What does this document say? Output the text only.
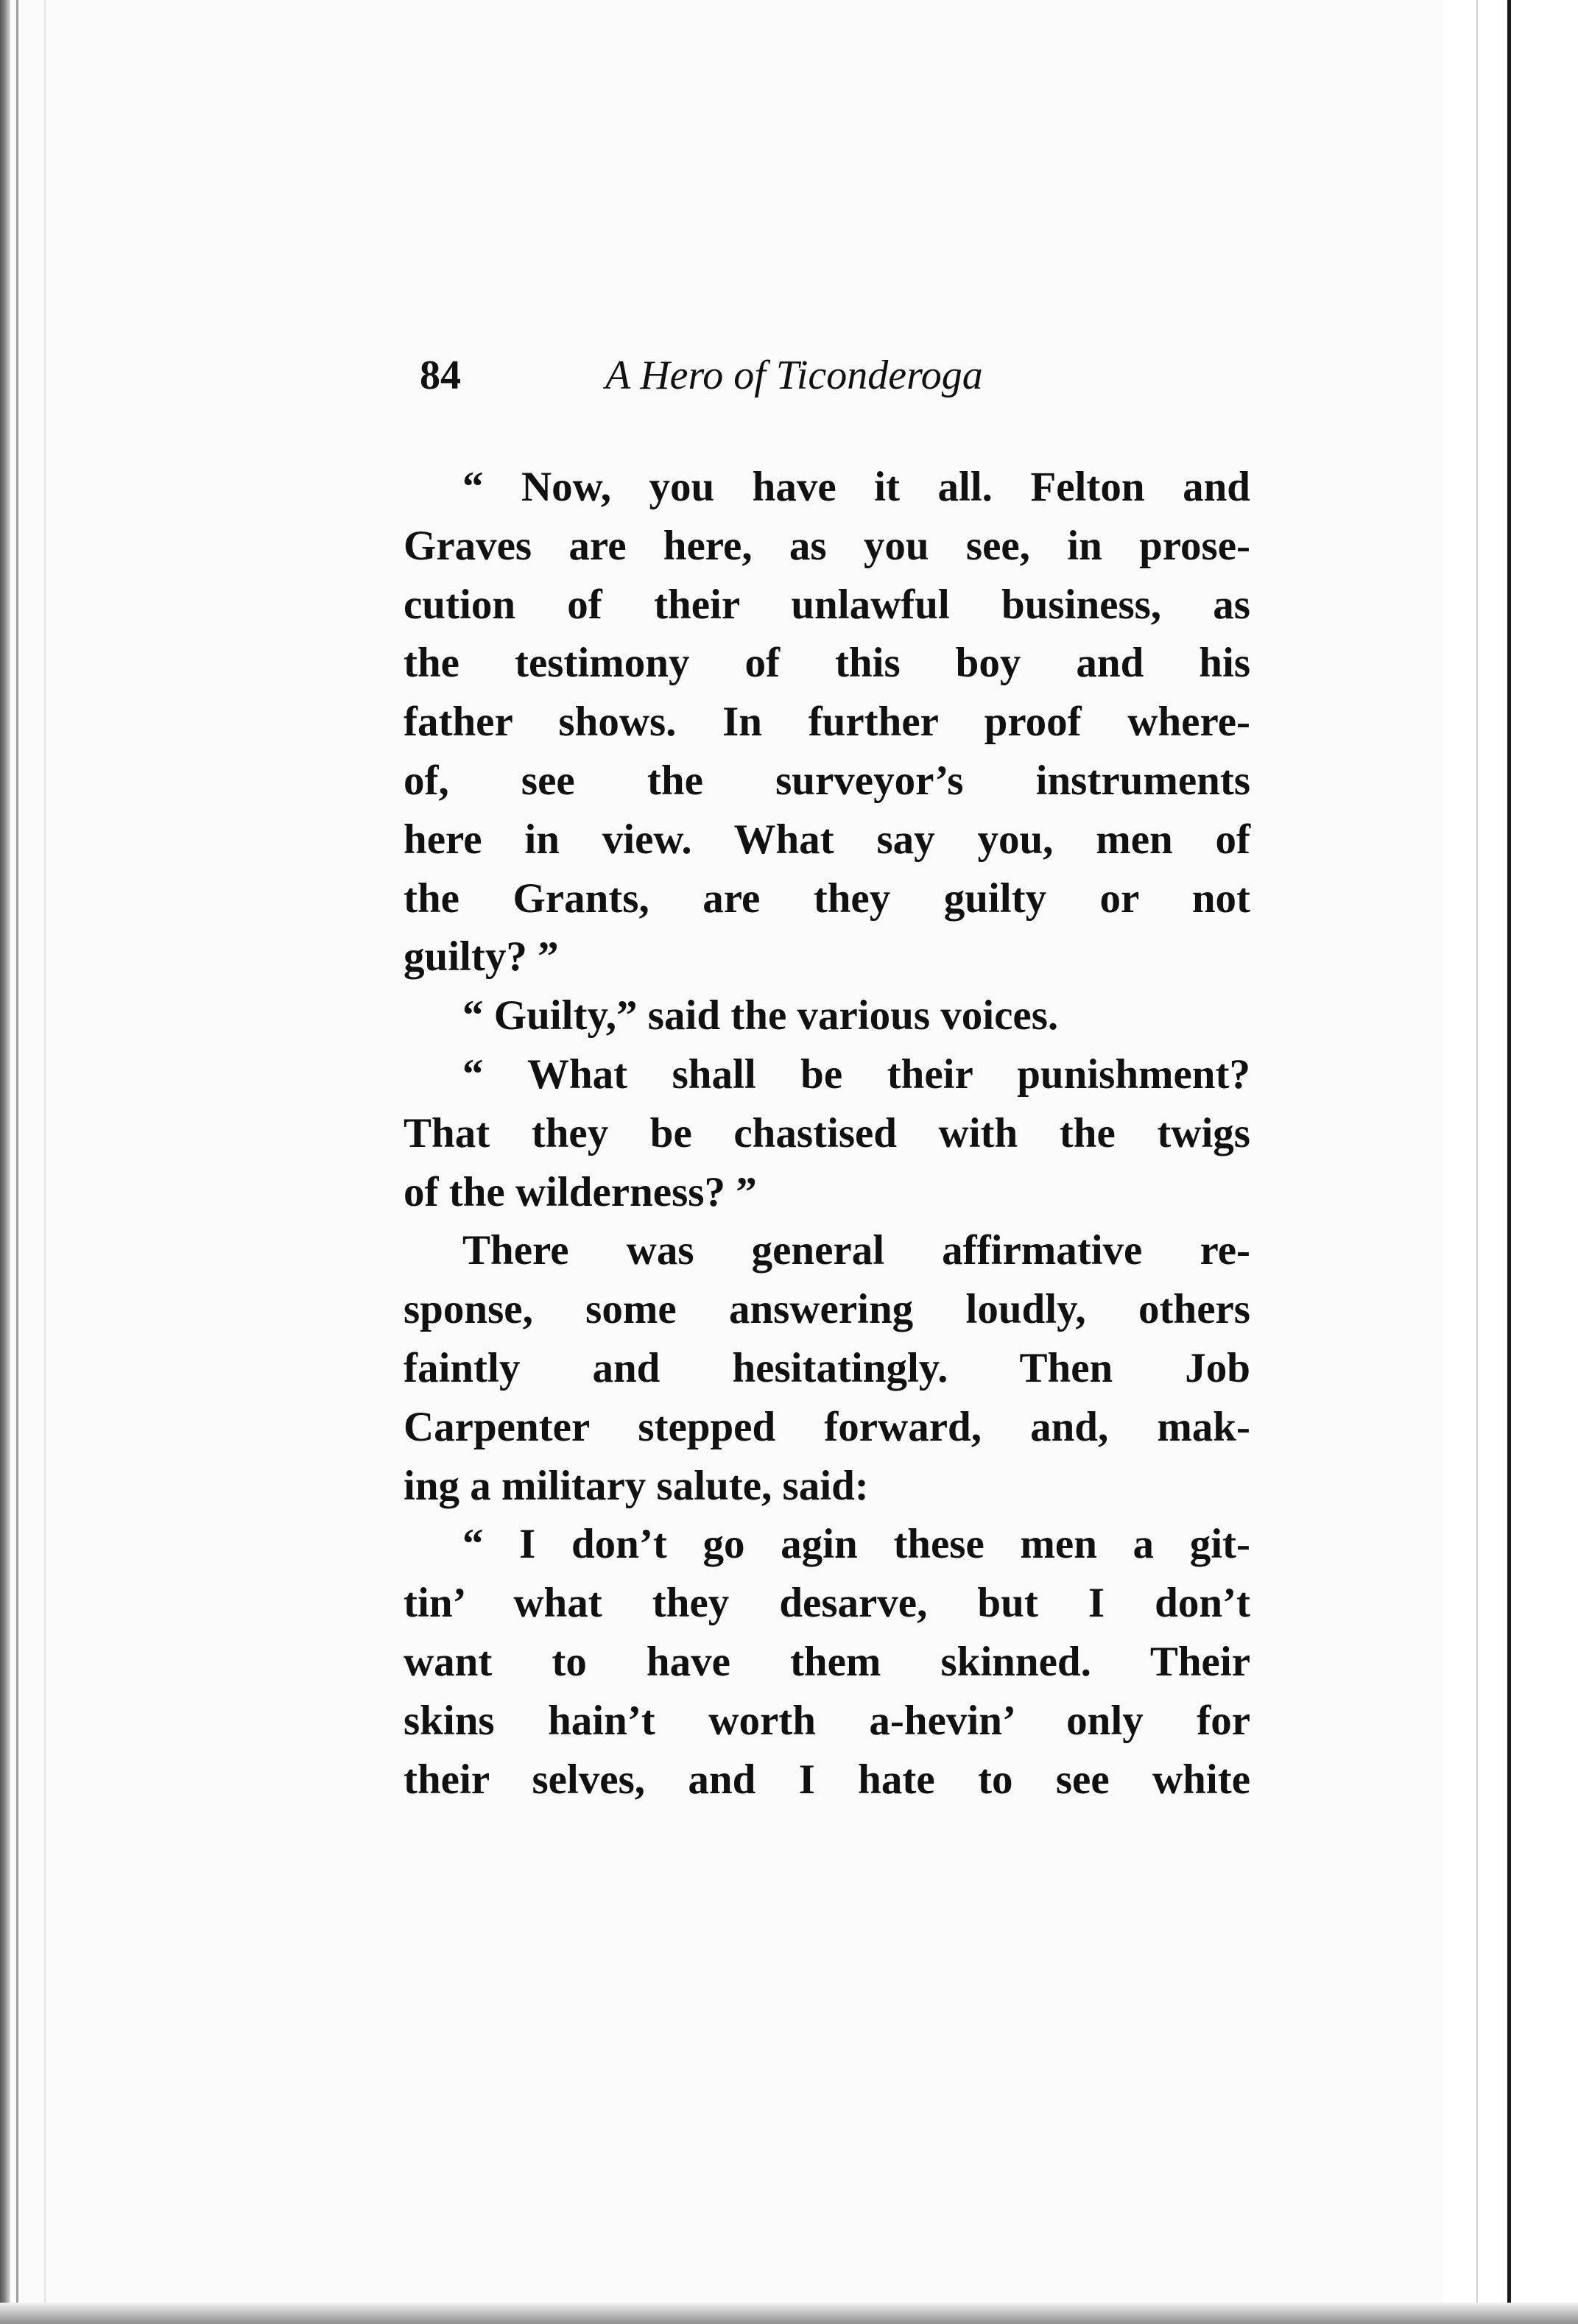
84	A Hero of Ticonderoga
“ Now, you have it all. Felton and
Graves are here, as you see, in prose-
cution of their unlawful business, as
the testimony of this boy and his
father shows. In further proof where-
of, see the surveyor’s instruments
here in view. What say you, men of
the Grants, are they guilty or not
guilty? ”
“ Guilty,” said the various voices.
“ What shall be their punishment?
That they be chastised with the twigs
of the wilderness? ”
There was general affirmative re-
sponse, some answering loudly, others
faintly and hesitatingly. Then Job
Carpenter stepped forward, and, mak-
ing a military salute, said:
“ I don’t go agin these men a git-
tin’ what they desarve, but I don’t
want to have them skinned. Their
skins hain’t worth a-hevin’ only for
their selves, and I hate to see white
